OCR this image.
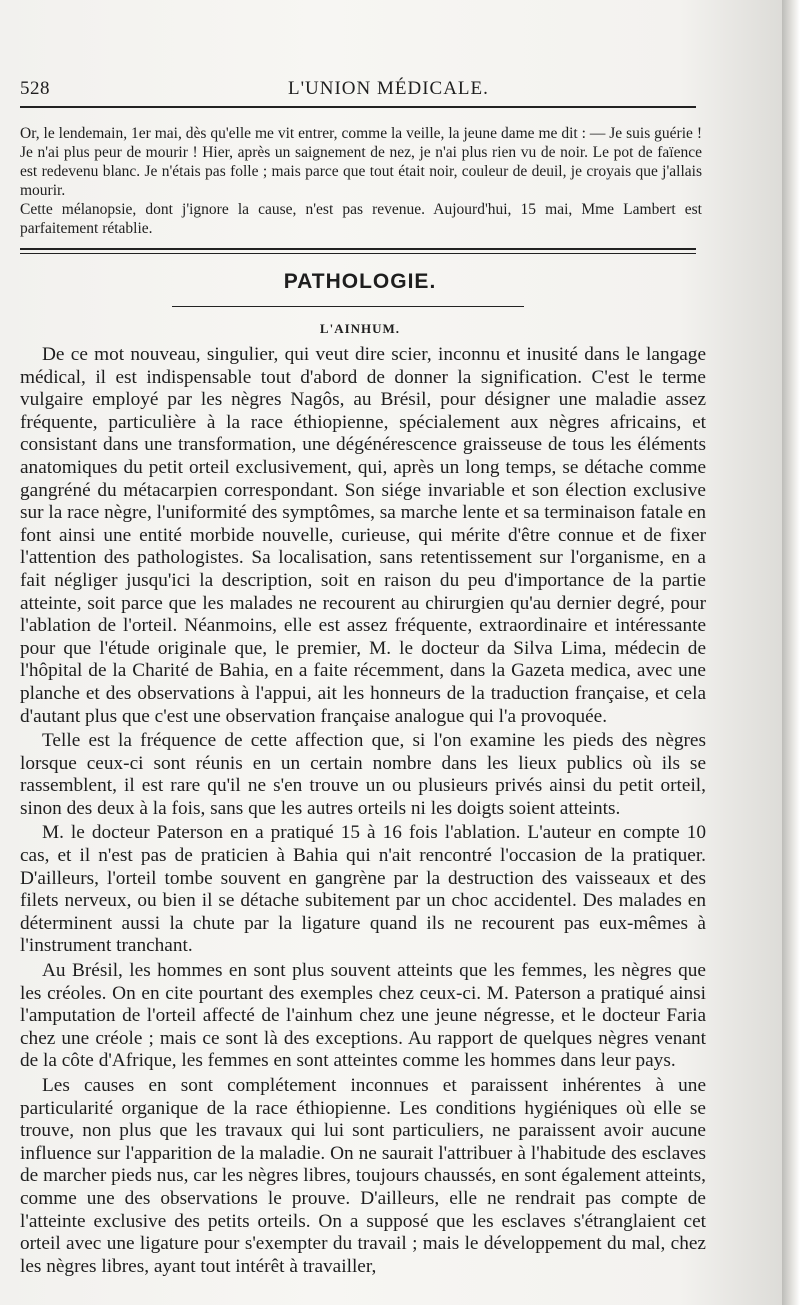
528	L'UNION MÉDICALE.
Or, le lendemain, 1er mai, dès qu'elle me vit entrer, comme la veille, la jeune dame me dit : — Je suis guérie ! Je n'ai plus peur de mourir ! Hier, après un saignement de nez, je n'ai plus rien vu de noir. Le pot de faïence est redevenu blanc. Je n'étais pas folle ; mais parce que tout était noir, couleur de deuil, je croyais que j'allais mourir.
Cette mélanopsie, dont j'ignore la cause, n'est pas revenue. Aujourd'hui, 15 mai, Mme Lambert est parfaitement rétablie.
PATHOLOGIE.
L'AINHUM.

De ce mot nouveau, singulier, qui veut dire scier, inconnu et inusité dans le langage médical, il est indispensable tout d'abord de donner la signification. C'est le terme vulgaire employé par les nègres Nagôs, au Brésil, pour désigner une maladie assez fréquente, particulière à la race éthiopienne, spécialement aux nègres africains, et consistant dans une transformation, une dégénérescence graisseuse de tous les éléments anatomiques du petit orteil exclusivement, qui, après un long temps, se détache comme gangréné du métacarpien correspondant. Son siége invariable et son élection exclusive sur la race nègre, l'uniformité des symptômes, sa marche lente et sa terminaison fatale en font ainsi une entité morbide nouvelle, curieuse, qui mérite d'être connue et de fixer l'attention des pathologistes. Sa localisation, sans retentissement sur l'organisme, en a fait négliger jusqu'ici la description, soit en raison du peu d'importance de la partie atteinte, soit parce que les malades ne recourent au chirurgien qu'au dernier degré, pour l'ablation de l'orteil. Néanmoins, elle est assez fréquente, extraordinaire et intéressante pour que l'étude originale que, le premier, M. le docteur da Silva Lima, médecin de l'hôpital de la Charité de Bahia, en a faite récemment, dans la Gazeta medica, avec une planche et des observations à l'appui, ait les honneurs de la traduction française, et cela d'autant plus que c'est une observation française analogue qui l'a provoquée.

Telle est la fréquence de cette affection que, si l'on examine les pieds des nègres lorsque ceux-ci sont réunis en un certain nombre dans les lieux publics où ils se rassemblent, il est rare qu'il ne s'en trouve un ou plusieurs privés ainsi du petit orteil, sinon des deux à la fois, sans que les autres orteils ni les doigts soient atteints.

M. le docteur Paterson en a pratiqué 15 à 16 fois l'ablation. L'auteur en compte 10 cas, et il n'est pas de praticien à Bahia qui n'ait rencontré l'occasion de la pratiquer. D'ailleurs, l'orteil tombe souvent en gangrène par la destruction des vaisseaux et des filets nerveux, ou bien il se détache subitement par un choc accidentel. Des malades en déterminent aussi la chute par la ligature quand ils ne recourent pas eux-mêmes à l'instrument tranchant.

Au Brésil, les hommes en sont plus souvent atteints que les femmes, les nègres que les créoles. On en cite pourtant des exemples chez ceux-ci. M. Paterson a pratiqué ainsi l'amputation de l'orteil affecté de l'ainhum chez une jeune négresse, et le docteur Faria chez une créole ; mais ce sont là des exceptions. Au rapport de quelques nègres venant de la côte d'Afrique, les femmes en sont atteintes comme les hommes dans leur pays.

Les causes en sont complétement inconnues et paraissent inhérentes à une particularité organique de la race éthiopienne. Les conditions hygiéniques où elle se trouve, non plus que les travaux qui lui sont particuliers, ne paraissent avoir aucune influence sur l'apparition de la maladie. On ne saurait l'attribuer à l'habitude des esclaves de marcher pieds nus, car les nègres libres, toujours chaussés, en sont également atteints, comme une des observations le prouve. D'ailleurs, elle ne rendrait pas compte de l'atteinte exclusive des petits orteils. On a supposé que les esclaves s'étranglaient cet orteil avec une ligature pour s'exempter du travail ; mais le développement du mal, chez les nègres libres, ayant tout intérêt à travailler,
